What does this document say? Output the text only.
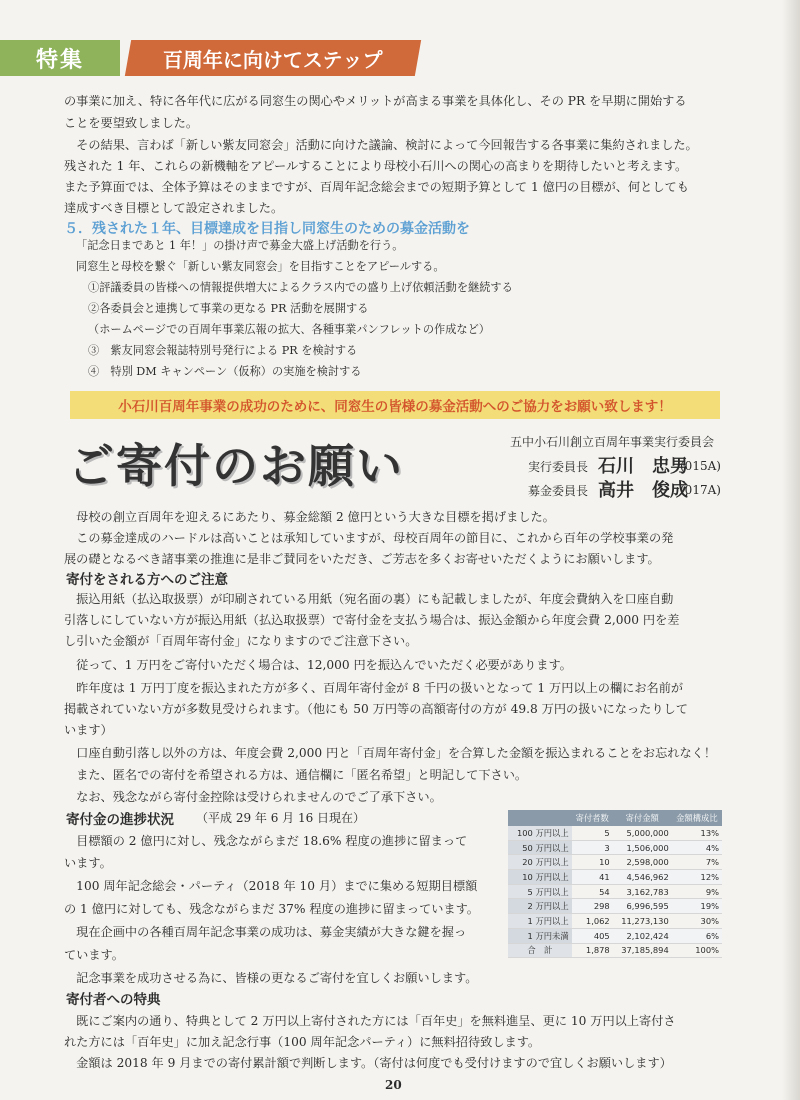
特集	百周年に向けてステップ
の事業に加え、特に各年代に広がる同窓生の関心やメリットが高まる事業を具体化し、その PR を早期に開始する
ことを要望致しました。
　その結果、言わば「新しい紫友同窓会」活動に向けた議論、検討によって今回報告する各事業に集約されました。
残された 1 年、これらの新機軸をアピールすることにより母校小石川への関心の高まりを期待したいと考えます。
また予算面では、全体予算はそのままですが、百周年記念総会までの短期予算として 1 億円の目標が、何としても
達成すべき目標として設定されました。
５．残された１年、目標達成を目指し同窓生のための募金活動を
「記念日まであと 1 年！」の掛け声で募金大盛上げ活動を行う。
同窓生と母校を繋ぐ「新しい紫友同窓会」を目指すことをアピールする。
①評議委員の皆様への情報提供増大によるクラス内での盛り上げ依頼活動を継続する
②各委員会と連携して事業の更なる PR 活動を展開する
（ホームページでの百周年事業広報の拡大、各種事業パンフレットの作成など）
③　紫友同窓会報誌特別号発行による PR を検討する
④　特別 DM キャンペーン（仮称）の実施を検討する
小石川百周年事業の成功のために、同窓生の皆様の募金活動へのご協力をお願い致します！
ご寄付のお願い	五中小石川創立百周年事業実行委員会
実行委員長 石川　忠男
(015A)
募金委員長 高井　俊成
(017A)
　母校の創立百周年を迎えるにあたり、募金総額 2 億円という大きな目標を掲げました。
　この募金達成のハードルは高いことは承知していますが、母校百周年の節目に、これから百年の学校事業の発
展の礎となるべき諸事業の推進に是非ご賛同をいただき、ご芳志を多くお寄せいただくようにお願いします。
寄付をされる方へのご注意
　振込用紙（払込取扱票）が印刷されている用紙（宛名面の裏）にも記載しましたが、年度会費納入を口座自動
引落しにしていない方が振込用紙（払込取扱票）で寄付金を支払う場合は、振込金額から年度会費 2,000 円を差
し引いた金額が「百周年寄付金」になりますのでご注意下さい。
　従って、1 万円をご寄付いただく場合は、12,000 円を振込んでいただく必要があります。
　昨年度は 1 万円丁度を振込まれた方が多く、百周年寄付金が 8 千円の扱いとなって 1 万円以上の欄にお名前が
掲載されていない方が多数見受けられます。（他にも 50 万円等の高額寄付の方が 49.8 万円の扱いになったりして
います）
　口座自動引落し以外の方は、年度会費 2,000 円と「百周年寄付金」を合算した金額を振込まれることをお忘れなく！
　また、匿名での寄付を希望される方は、通信欄に「匿名希望」と明記して下さい。
　なお、残念ながら寄付金控除は受けられませんのでご了承下さい。
寄付金の進捗状況 （平成 29 年 6 月 16 日現在）
　目標額の 2 億円に対し、残念ながらまだ 18.6% 程度の進捗に留まって
います。
　100 周年記念総会・パーティ（2018 年 10 月）までに集める短期目標額
の 1 億円に対しても、残念ながらまだ 37% 程度の進捗に留まっています。
　現在企画中の各種百周年記念事業の成功は、募金実績が大きな鍵を握っ
ています。
　記念事業を成功させる為に、皆様の更なるご寄付を宜しくお願いします。
	寄付者数	寄付金額	金額構成比
100 万円以上	5	5,000,000	13%
50 万円以上	3	1,506,000	4%
20 万円以上	10	2,598,000	7%
10 万円以上	41	4,546,962	12%
5 万円以上	54	3,162,783	9%
2 万円以上	298	6,996,595	19%
1 万円以上	1,062	11,273,130	30%
1 万円未満	405	2,102,424	6%
合　計	1,878	37,185,894	100%
寄付者への特典
　既にご案内の通り、特典として 2 万円以上寄付された方には「百年史」を無料進呈、更に 10 万円以上寄付さ
れた方には「百年史」に加え記念行事（100 周年記念パーティ）に無料招待致します。
　金額は 2018 年 9 月までの寄付累計額で判断します。（寄付は何度でも受付けますので宜しくお願いします）
20
